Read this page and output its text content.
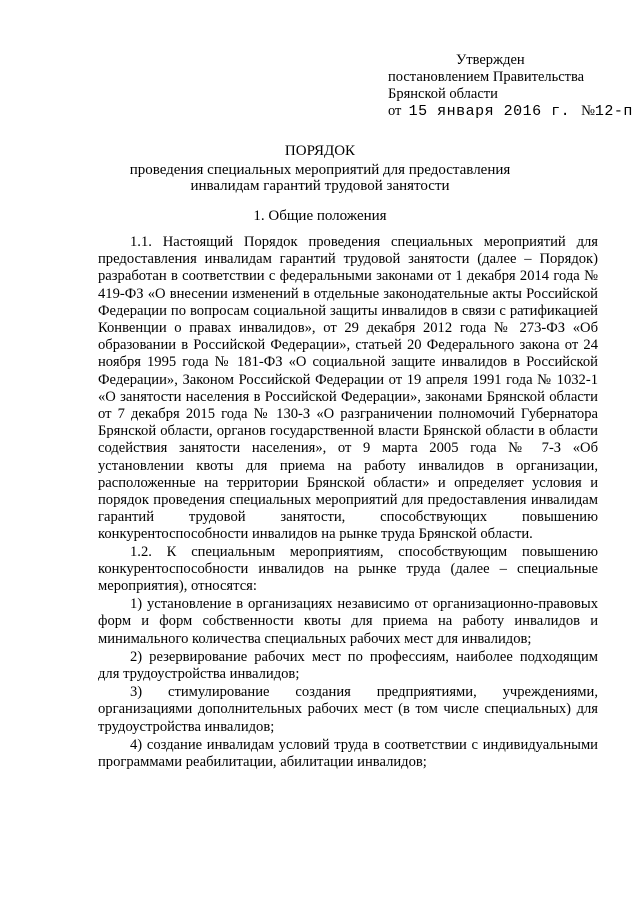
Утвержден
постановлением Правительства
Брянской области
от 15 января 2016 г. №12-п
ПОРЯДОК
проведения специальных мероприятий для предоставления
инвалидам гарантий трудовой занятости
1. Общие положения

1.1. Настоящий Порядок проведения специальных мероприятий для предоставления инвалидам гарантий трудовой занятости (далее – Порядок) разработан в соответствии с федеральными законами от 1 декабря 2014 года № 419-ФЗ «О внесении изменений в отдельные законодательные акты Российской Федерации по вопросам социальной защиты инвалидов в связи с ратификацией Конвенции о правах инвалидов», от 29 декабря 2012 года № 273-ФЗ «Об образовании в Российской Федерации», статьей 20 Федерального закона от 24 ноября 1995 года № 181-ФЗ «О социальной защите инвалидов в Российской Федерации», Законом Российской Федерации от 19 апреля 1991 года № 1032-1 «О занятости населения в Российской Федерации», законами Брянской области от 7 декабря 2015 года № 130-З «О разграничении полномочий Губернатора Брянской области, органов государственной власти Брянской области в области содействия занятости населения», от 9 марта 2005 года № 7-З «Об установлении квоты для приема на работу инвалидов в организации, расположенные на территории Брянской области» и определяет условия и порядок проведения специальных мероприятий для предоставления инвалидам гарантий трудовой занятости, способствующих повышению конкурентоспособности инвалидов на рынке труда Брянской области.

1.2. К специальным мероприятиям, способствующим повышению конкурентоспособности инвалидов на рынке труда (далее – специальные мероприятия), относятся:

1) установление в организациях независимо от организационно-правовых форм и форм собственности квоты для приема на работу инвалидов и минимального количества специальных рабочих мест для инвалидов;

2) резервирование рабочих мест по профессиям, наиболее подходящим для трудоустройства инвалидов;

3) стимулирование создания предприятиями, учреждениями, организациями дополнительных рабочих мест (в том числе специальных) для трудоустройства инвалидов;

4) создание инвалидам условий труда в соответствии с индивидуальными программами реабилитации, абилитации инвалидов;
